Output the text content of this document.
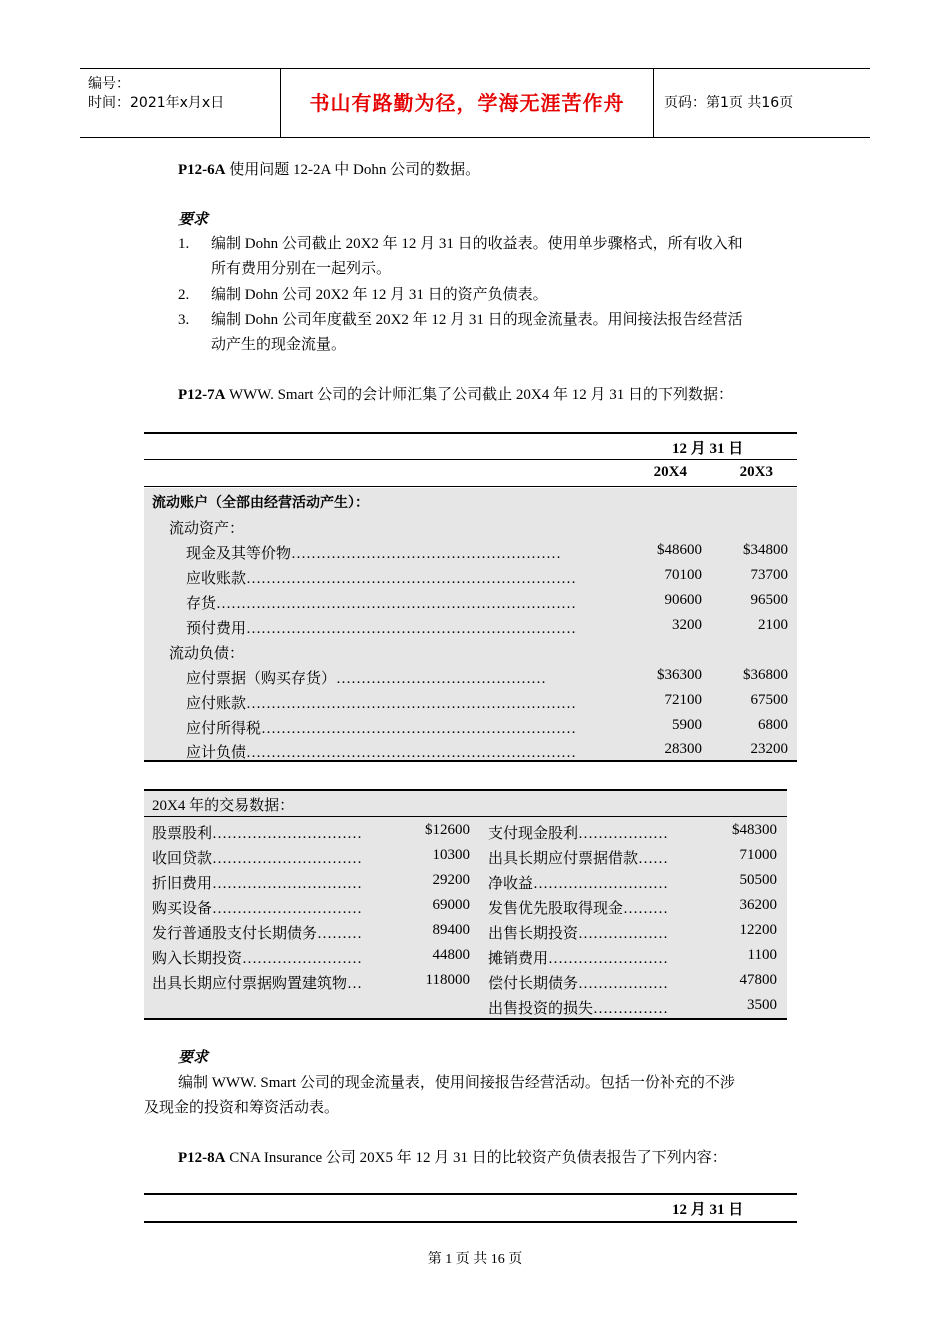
编号：
时间：2021年x月x日	书山有路勤为径，学海无涯苦作舟	页码：第1页 共16页
P12-6A 使用问题 12-2A 中 Dohn 公司的数据。
要求
1. 编制 Dohn 公司截止 20X2 年 12 月 31 日的收益表。使用单步骤格式，所有收入和
所有费用分别在一起列示。
2. 编制 Dohn 公司 20X2 年 12 月 31 日的资产负债表。
3. 编制 Dohn 公司年度截至 20X2 年 12 月 31 日的现金流量表。用间接法报告经营活
动产生的现金流量。
P12-7A WWW. Smart 公司的会计师汇集了公司截止 20X4 年 12 月 31 日的下列数据：
12 月 31 日
20X4	20X3
流动账户（全部由经营活动产生）：
流动资产：
现金及其等价物………………………………………………	$48600	$34800
应收账款…………………………………………………………	70100	73700
存货………………………………………………………………	90600	96500
预付费用…………………………………………………………	3200	2100
流动负债：
应付票据（购买存货）……………………………………	$36300	$36800
应付账款…………………………………………………………	72100	67500
应付所得税………………………………………………………	5900	6800
应计负债…………………………………………………………	28300	23200
20X4 年的交易数据：
股票股利…………………………	$12600
收回贷款…………………………	10300
折旧费用…………………………	29200
购买设备…………………………	69000
发行普通股支付长期债务………	89400
购入长期投资……………………	44800
出具长期应付票据购置建筑物…	118000
支付现金股利………………	$48300
出具长期应付票据借款……	71000
净收益………………………	50500
发售优先股取得现金………	36200
出售长期投资………………	12200
摊销费用……………………	1100
偿付长期债务………………	47800
出售投资的损失……………	3500
要求
编制 WWW. Smart 公司的现金流量表，使用间接报告经营活动。包括一份补充的不涉
及现金的投资和筹资活动表。
P12-8A CNA Insurance 公司 20X5 年 12 月 31 日的比较资产负债表报告了下列内容：
12 月 31 日
第 1 页 共 16 页
